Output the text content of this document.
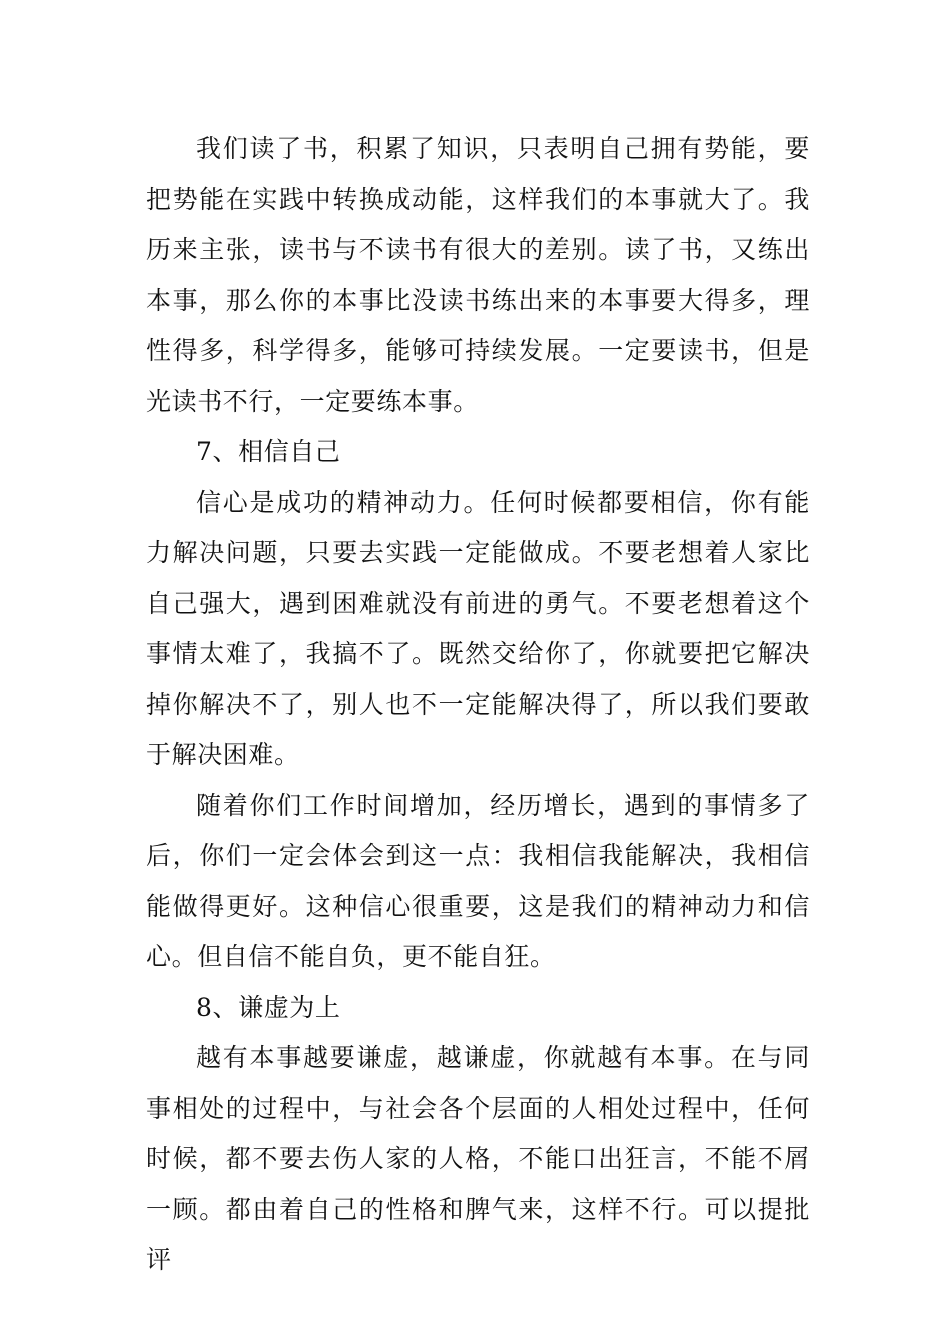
我们读了书，积累了知识，只表明自己拥有势能，要把势能在实践中转换成动能，这样我们的本事就大了。我历来主张，读书与不读书有很大的差别。读了书，又练出本事，那么你的本事比没读书练出来的本事要大得多，理性得多，科学得多，能够可持续发展。一定要读书，但是光读书不行，一定要练本事。

7、相信自己

信心是成功的精神动力。任何时候都要相信，你有能力解决问题，只要去实践一定能做成。不要老想着人家比自己强大，遇到困难就没有前进的勇气。不要老想着这个事情太难了，我搞不了。既然交给你了，你就要把它解决掉你解决不了，别人也不一定能解决得了，所以我们要敢于解决困难。

随着你们工作时间增加，经历增长，遇到的事情多了后，你们一定会体会到这一点：我相信我能解决，我相信能做得更好。这种信心很重要，这是我们的精神动力和信心。但自信不能自负，更不能自狂。

8、谦虚为上

越有本事越要谦虚，越谦虚，你就越有本事。在与同事相处的过程中，与社会各个层面的人相处过程中，任何时候，都不要去伤人家的人格，不能口出狂言，不能不屑一顾。都由着自己的性格和脾气来，这样不行。可以提批评
